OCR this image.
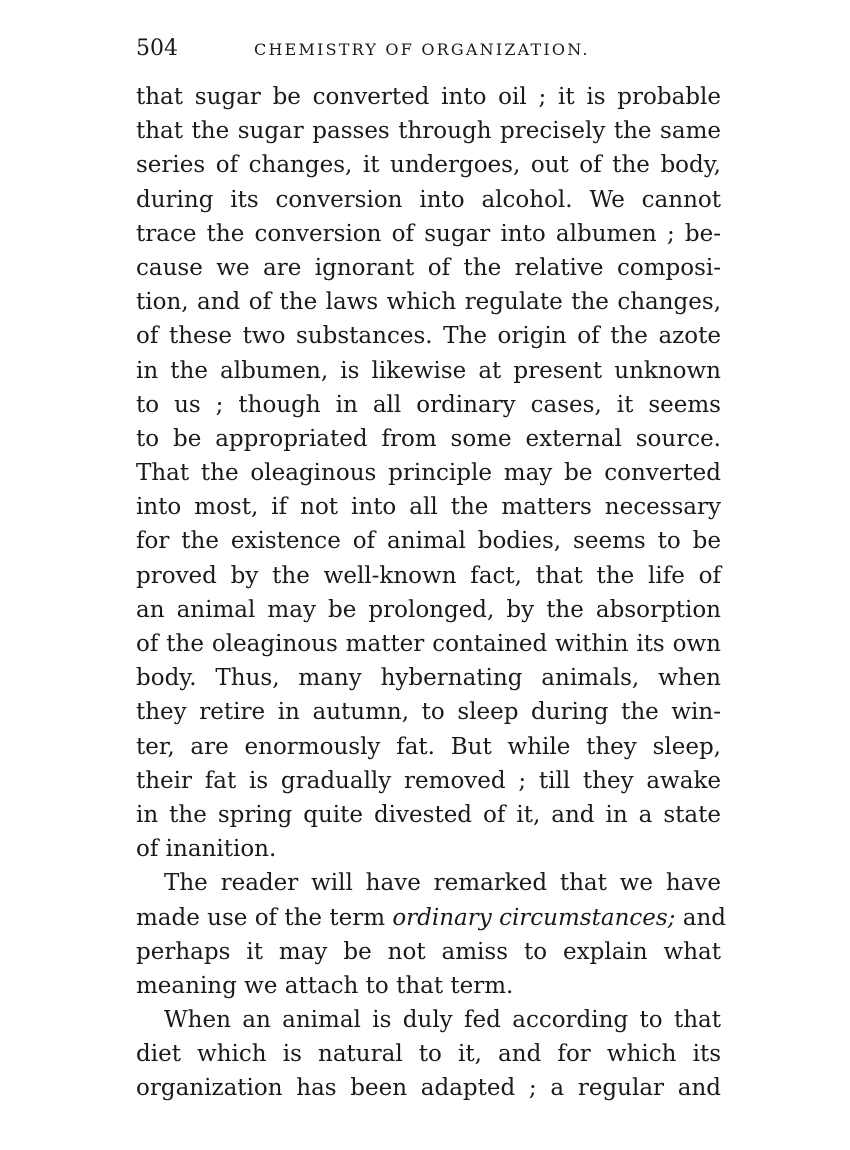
504	CHEMISTRY OF ORGANIZATION.
that sugar be converted into oil ; it is probable
that the sugar passes through precisely the same
series of changes, it undergoes, out of the body,
during its conversion into alcohol. We cannot
trace the conversion of sugar into albumen ; be-
cause we are ignorant of the relative composi-
tion, and of the laws which regulate the changes,
of these two substances. The origin of the azote
in the albumen, is likewise at present unknown
to us ; though in all ordinary cases, it seems
to be appropriated from some external source.
That the oleaginous principle may be converted
into most, if not into all the matters necessary
for the existence of animal bodies, seems to be
proved by the well-known fact, that the life of
an animal may be prolonged, by the absorption
of the oleaginous matter contained within its own
body. Thus, many hybernating animals, when
they retire in autumn, to sleep during the win-
ter, are enormously fat. But while they sleep,
their fat is gradually removed ; till they awake
in the spring quite divested of it, and in a state
of inanition.
The reader will have remarked that we have
made use of the term ordinary circumstances; and
perhaps it may be not amiss to explain what
meaning we attach to that term.
When an animal is duly fed according to that
diet which is natural to it, and for which its
organization has been adapted ; a regular and
